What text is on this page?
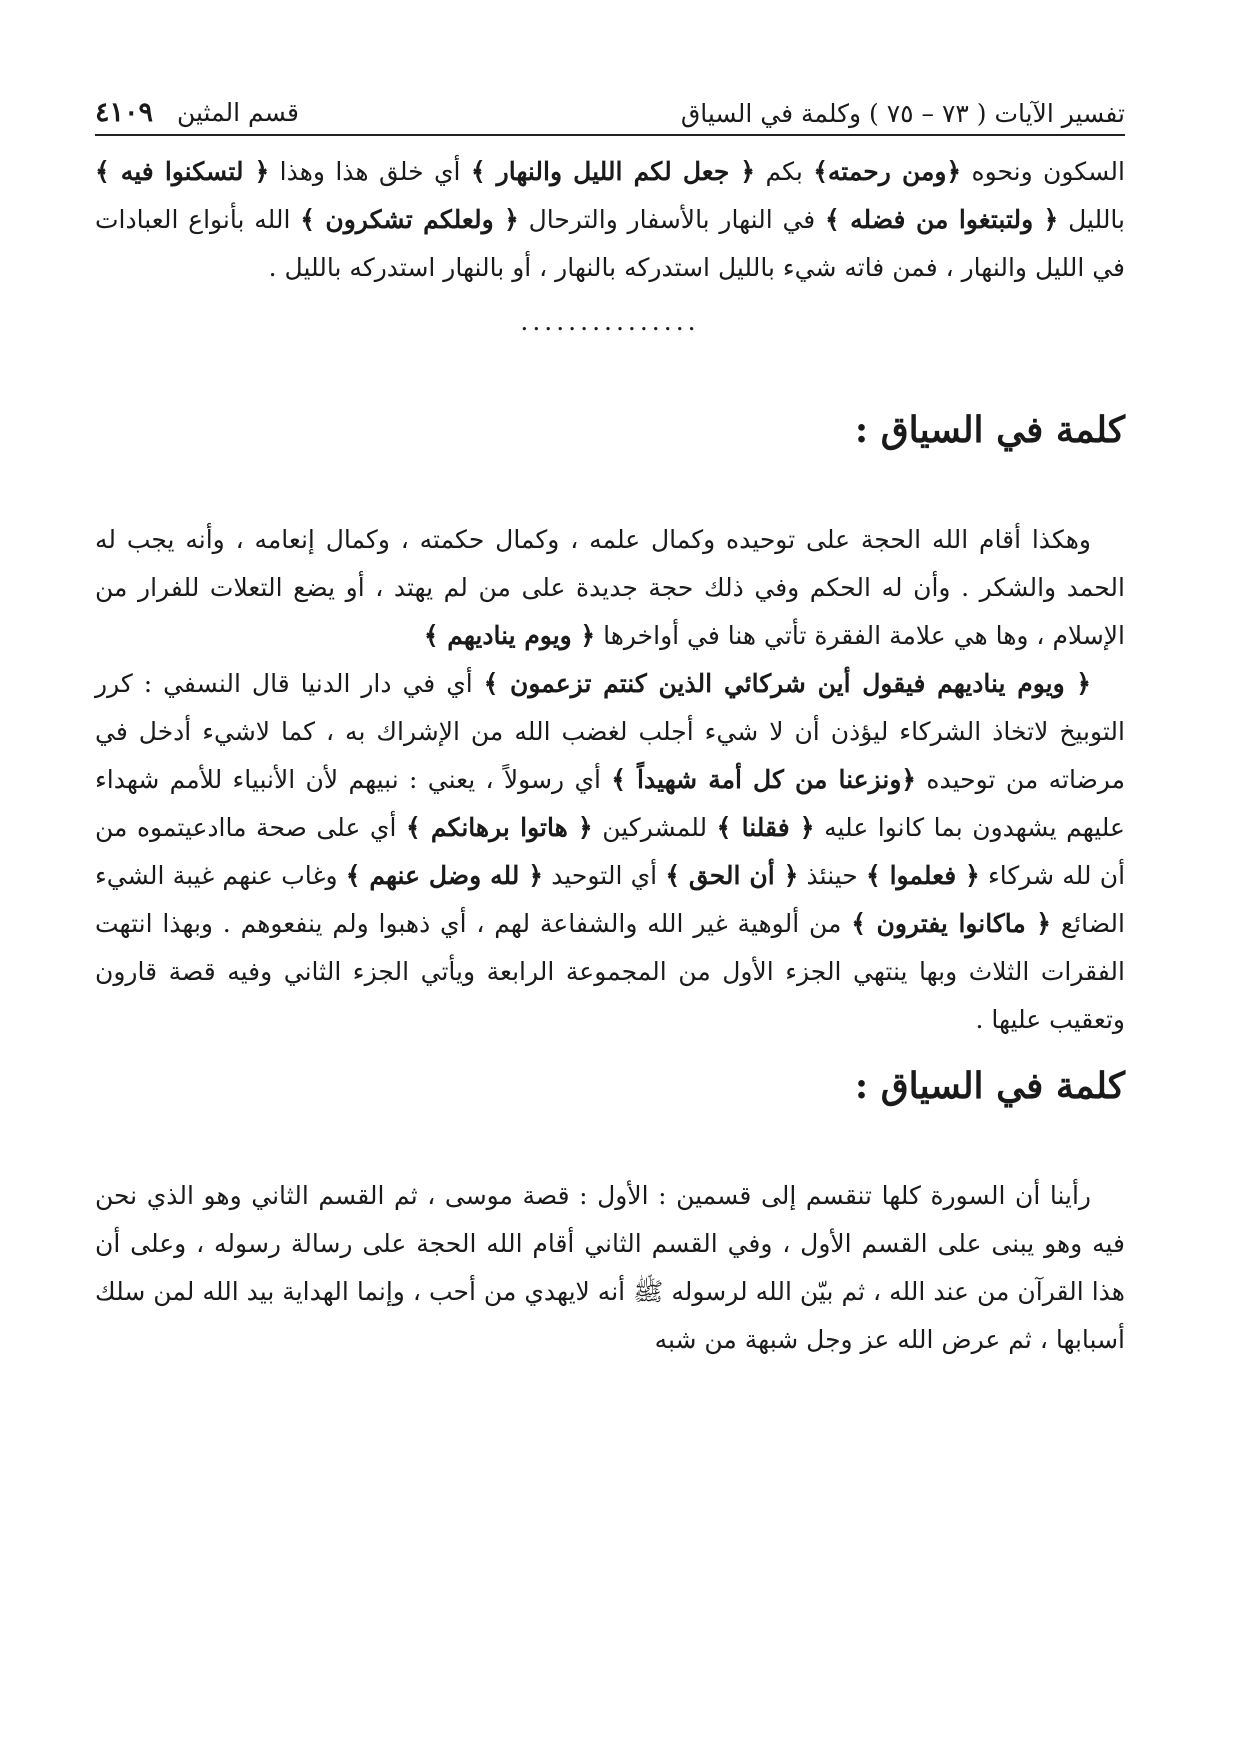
تفسير الآيات ( ٧٣ – ٧٥ ) وكلمة في السياق
قسم المثين ٤١٠٩

السكون ونحوه ﴿ومن رحمته﴾ بكم ﴿ جعل لكم الليل والنهار ﴾ أي خلق هذا وهذا ﴿ لتسكنوا فيه ﴾ بالليل ﴿ ولتبتغوا من فضله ﴾ في النهار بالأسفار والترحال ﴿ ولعلكم تشكرون ﴾ الله بأنواع العبادات في الليل والنهار ، فمن فاته شيء بالليل استدركه بالنهار ، أو بالنهار استدركه بالليل .

...............
كلمة في السياق :

وهكذا أقام الله الحجة على توحيده وكمال علمه ، وكمال حكمته ، وكمال إنعامه ، وأنه يجب له الحمد والشكر . وأن له الحكم وفي ذلك حجة جديدة على من لم يهتد ، أو يضع التعلات للفرار من الإسلام ، وها هي علامة الفقرة تأتي هنا في أواخرها ﴿ ويوم يناديهم ﴾

﴿ ويوم يناديهم فيقول أين شركائي الذين كنتم تزعمون ﴾ أي في دار الدنيا قال النسفي : كرر التوبيخ لاتخاذ الشركاء ليؤذن أن لا شيء أجلب لغضب الله من الإشراك به ، كما لاشيء أدخل في مرضاته من توحيده ﴿ونزعنا من كل أمة شهيداً ﴾ أي رسولاً ، يعني : نبيهم لأن الأنبياء للأمم شهداء عليهم يشهدون بما كانوا عليه ﴿ فقلنا ﴾ للمشركين ﴿ هاتوا برهانكم ﴾ أي على صحة ماادعيتموه من أن لله شركاء ﴿ فعلموا ﴾ حينئذ ﴿ أن الحق ﴾ أي التوحيد ﴿ لله وضل عنهم ﴾ وغاب عنهم غيبة الشيء الضائع ﴿ ماكانوا يفترون ﴾ من ألوهية غير الله والشفاعة لهم ، أي ذهبوا ولم ينفعوهم . وبهذا انتهت الفقرات الثلاث وبها ينتهي الجزء الأول من المجموعة الرابعة ويأتي الجزء الثاني وفيه قصة قارون وتعقيب عليها .

كلمة في السياق :

رأينا أن السورة كلها تنقسم إلى قسمين : الأول : قصة موسى ، ثم القسم الثاني وهو الذي نحن فيه وهو يبنى على القسم الأول ، وفي القسم الثاني أقام الله الحجة على رسالة رسوله ، وعلى أن هذا القرآن من عند الله ، ثم بيّن الله لرسوله ﷺ أنه لايهدي من أحب ، وإنما الهداية بيد الله لمن سلك أسبابها ، ثم عرض الله عز وجل شبهة من شبه
